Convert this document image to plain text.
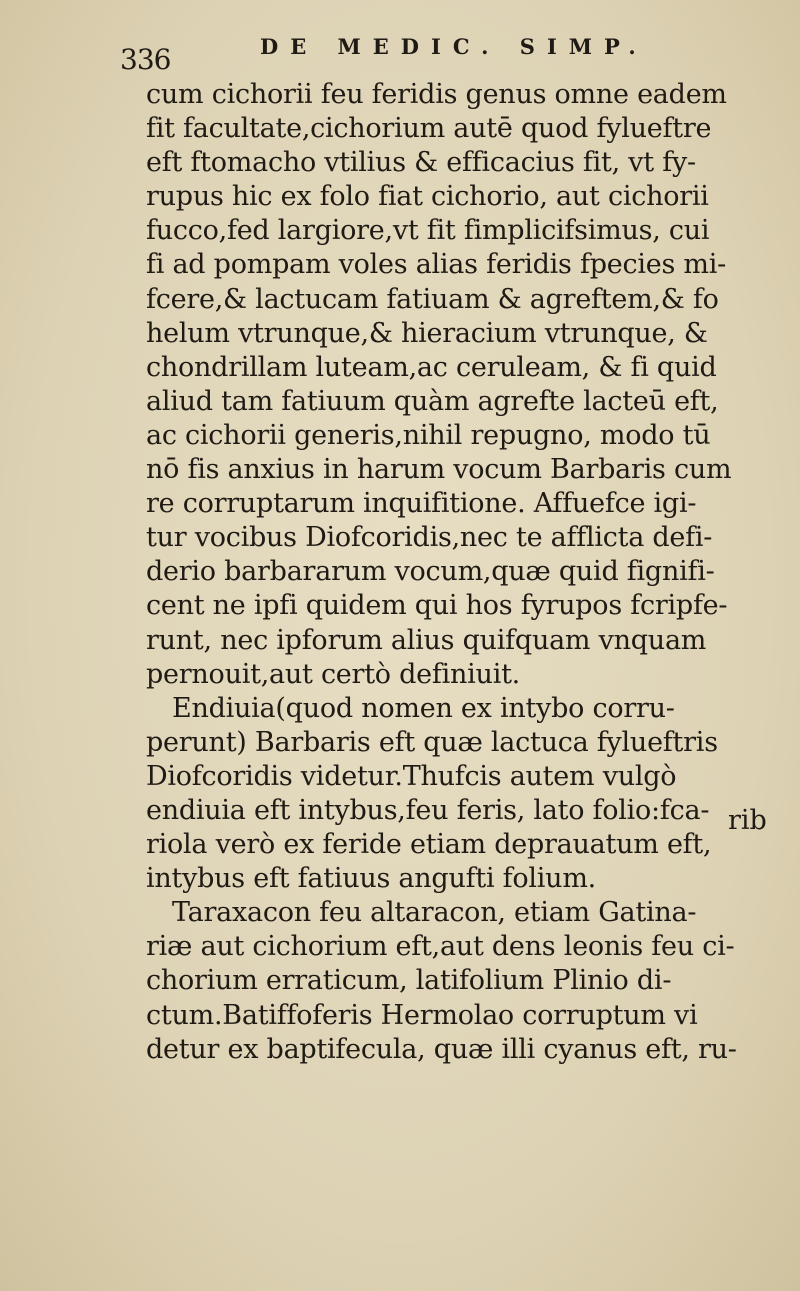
336	DE MEDIC. SIMP.
cum cichorii feu feridis genus omne eadem
fit facultate,cichorium autē quod fylueftre
eft ftomacho vtilius & efficacius fit, vt fy-
rupus hic ex folo fiat cichorio, aut cichorii
fucco,fed largiore,vt fit fimplicifsimus, cui
fi ad pompam voles alias feridis fpecies mi-
fcere,& lactucam fatiuam & agreftem,& fo
helum vtrunque,& hieracium vtrunque, &
chondrillam luteam,ac ceruleam, & fi quid
aliud tam fatiuum quàm agrefte lacteū eft,
ac cichorii generis,nihil repugno, modo tū
nō fis anxius in harum vocum Barbaris cum
re corruptarum inquifitione. Affuefce igi-
tur vocibus Diofcoridis,nec te afflicta defi-
derio barbararum vocum,quæ quid fignifi-
cent ne ipfi quidem qui hos fyrupos fcripfe-
runt, nec ipforum alius quifquam vnquam
pernouit,aut certò definiuit.
Endiuia(quod nomen ex intybo corru-
perunt) Barbaris eft quæ lactuca fylueftris
Diofcoridis videtur.Thufcis autem vulgò
endiuia eft intybus,feu feris, lato folio:fca-
riola verò ex feride etiam deprauatum eft,
intybus eft fatiuus angufti folium.
Taraxacon feu altaracon, etiam Gatina-
riæ aut cichorium eft,aut dens leonis feu ci-
chorium erraticum, latifolium Plinio di-
ctum.Batiffoferis Hermolao corruptum vi
detur ex baptifecula, quæ illi cyanus eft, ru-
rib
